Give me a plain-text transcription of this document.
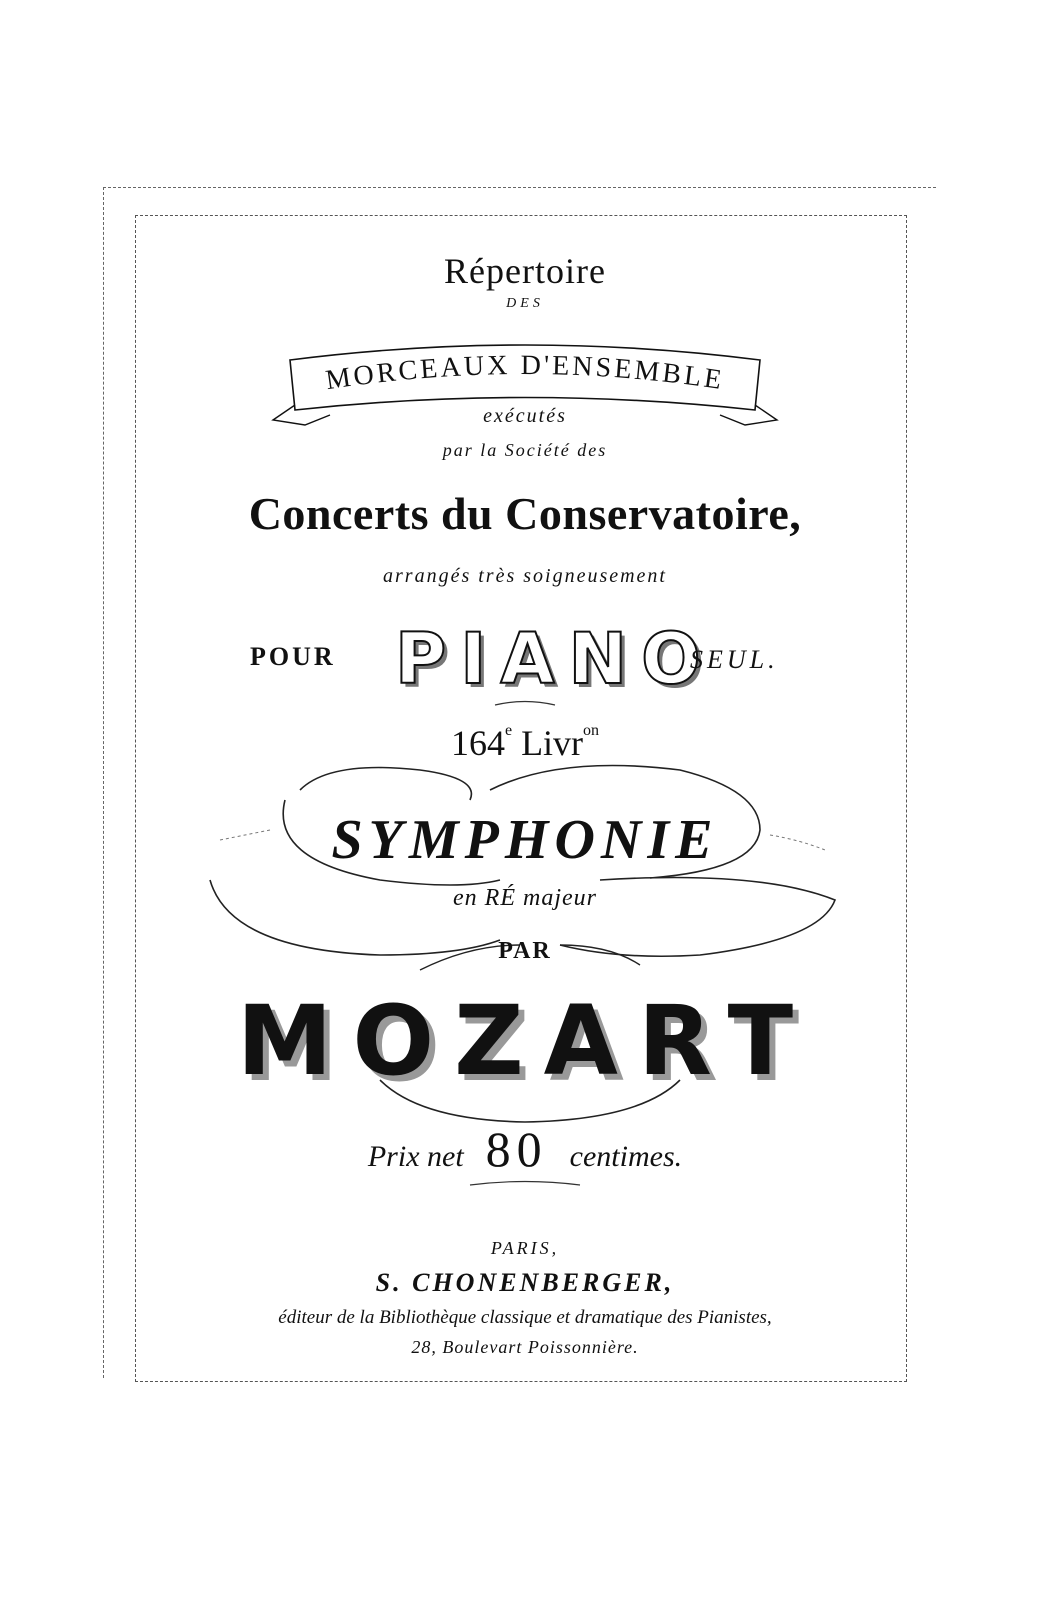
Répertoire
DES
MORCEAUX D'ENSEMBLE
exécutés
par la Société des
Concerts du Conservatoire,
arrangés très soigneusement
POUR PIANO
SEUL.
164e Livr$^{on}$
SYMPHONIE
en RÉ majeur
PAR
MOZART
Prix net 80 centimes.
PARIS,
S. CHONENBERGER,
éditeur de la Bibliothèque classique et dramatique des Pianistes,
28, Boulevart Poissonnière.
